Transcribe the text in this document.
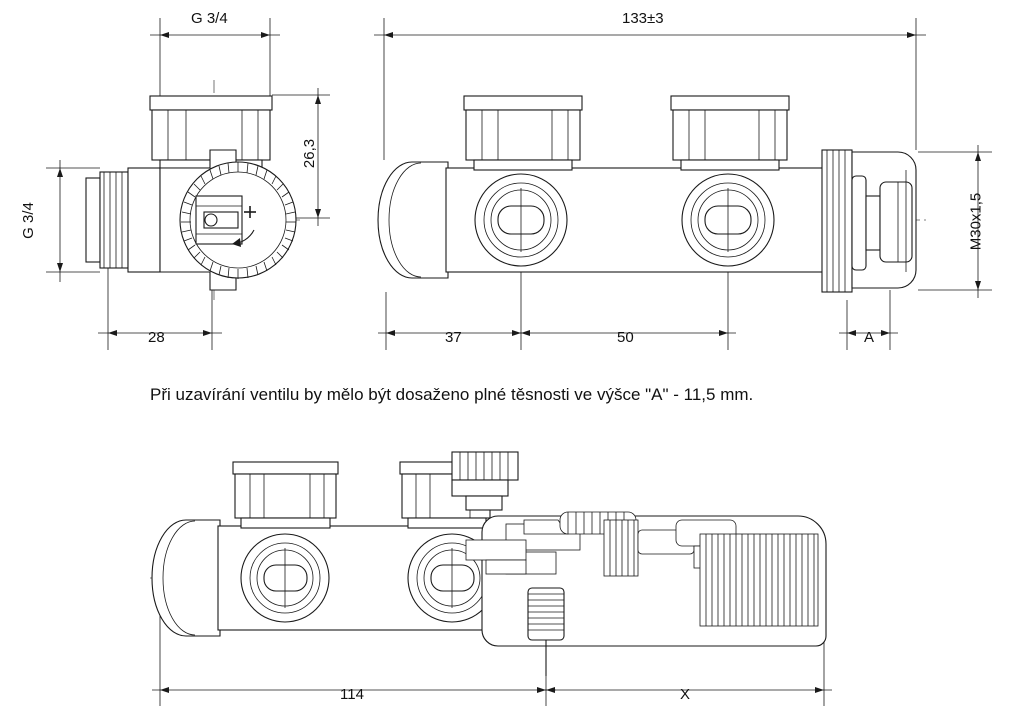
G 3/4
G 3/4
26,3
28
133±3
M30x1,5
37	50	A
114	X
Při uzavírání ventilu by mělo být dosaženo plné těsnosti ve výšce "A" - 11,5 mm.
